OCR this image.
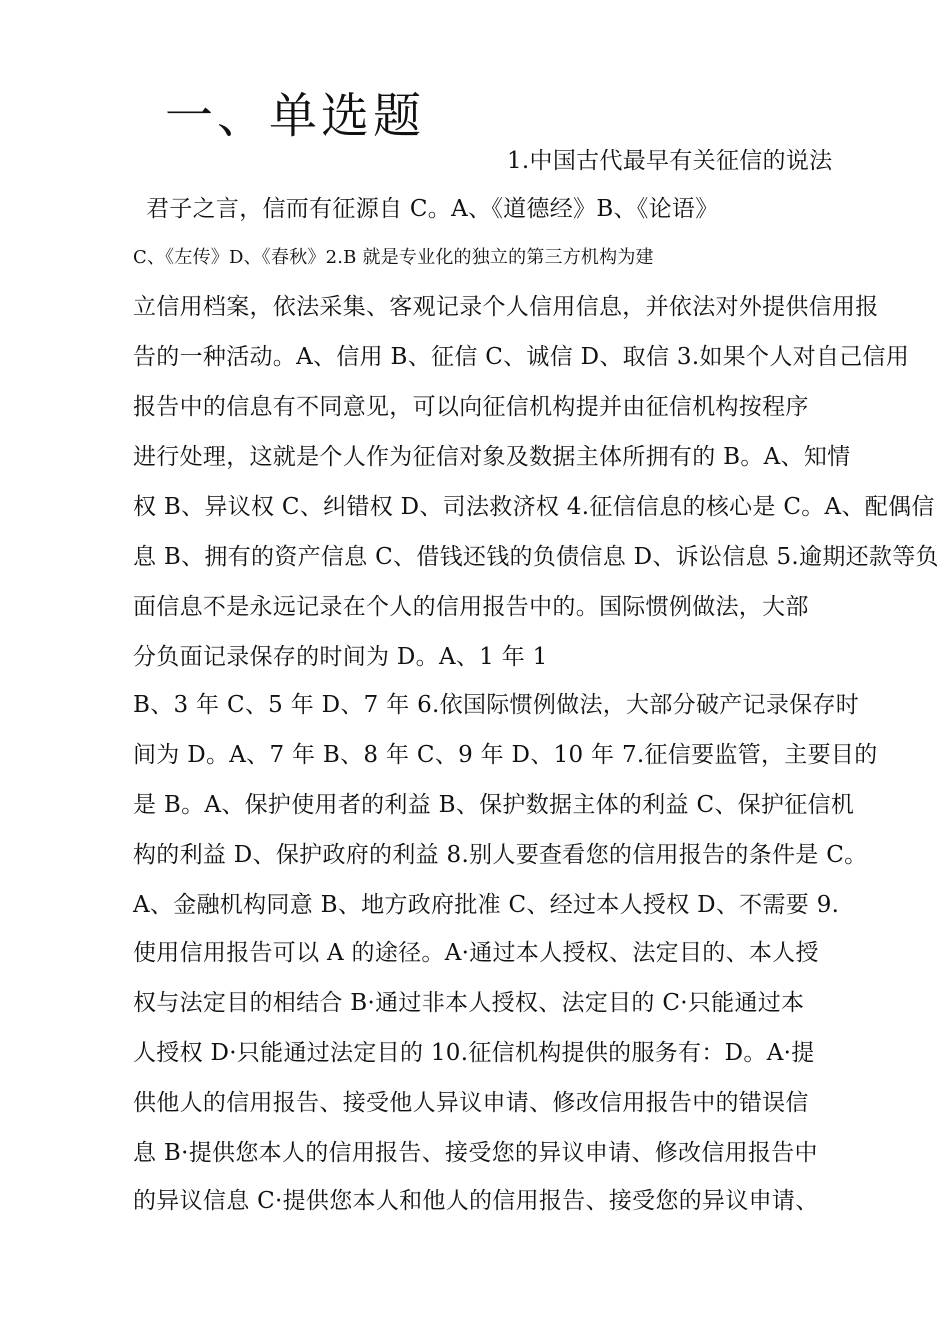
一、单选题
1.中国古代最早有关征信的说法
君子之言，信而有征源自 C。A、《道德经》B、《论语》
C、《左传》D、《春秋》2.B 就是专业化的独立的第三方机构为建
立信用档案，依法采集、客观记录个人信用信息，并依法对外提供信用报
告的一种活动。A、信用 B、征信 C、诚信 D、取信 3.如果个人对自己信用
报告中的信息有不同意见，可以向征信机构提并由征信机构按程序
进行处理，这就是个人作为征信对象及数据主体所拥有的 B。A、知情
权 B、异议权 C、纠错权 D、司法救济权 4.征信信息的核心是 C。A、配偶信
息 B、拥有的资产信息 C、借钱还钱的负债信息 D、诉讼信息 5.逾期还款等负
面信息不是永远记录在个人的信用报告中的。国际惯例做法，大部
分负面记录保存的时间为 D。A、1 年 1
B、3 年 C、5 年 D、7 年 6.依国际惯例做法，大部分破产记录保存时
间为 D。A、7 年 B、8 年 C、9 年 D、10 年 7.征信要监管，主要目的
是 B。A、保护使用者的利益 B、保护数据主体的利益 C、保护征信机
构的利益 D、保护政府的利益 8.别人要查看您的信用报告的条件是 C。
A、金融机构同意 B、地方政府批准 C、经过本人授权 D、不需要 9.
使用信用报告可以 A 的途径。A·通过本人授权、法定目的、本人授
权与法定目的相结合 B·通过非本人授权、法定目的 C·只能通过本
人授权 D·只能通过法定目的 10.征信机构提供的服务有：D。A·提
供他人的信用报告、接受他人异议申请、修改信用报告中的错误信
息 B·提供您本人的信用报告、接受您的异议申请、修改信用报告中
的异议信息 C·提供您本人和他人的信用报告、接受您的异议申请、
